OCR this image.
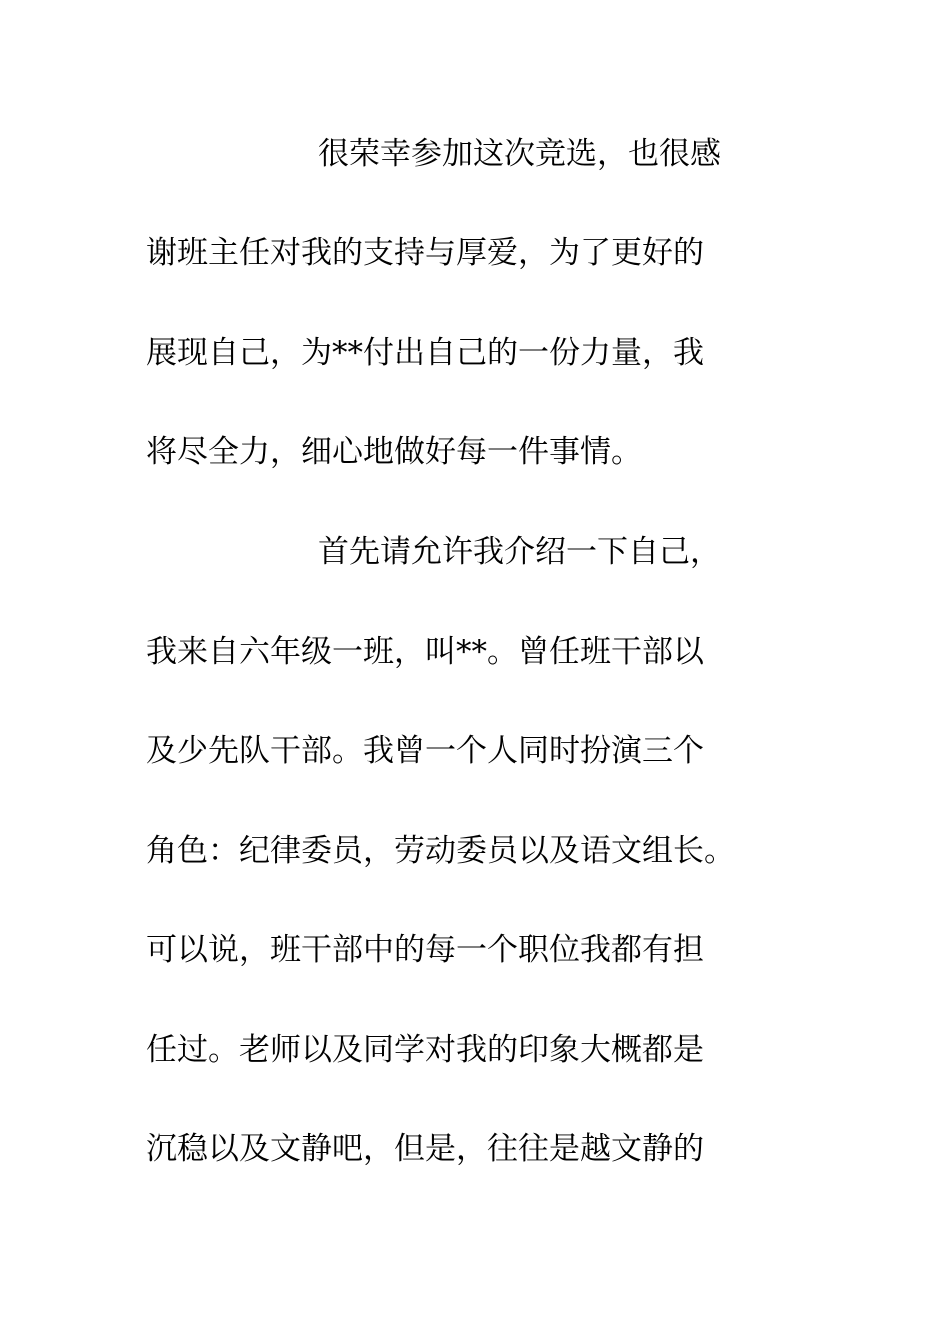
很荣幸参加这次竞选，也很感
谢班主任对我的支持与厚爱，为了更好的
展现自己，为**付出自己的一份力量，我
将尽全力，细心地做好每一件事情。
首先请允许我介绍一下自己，
我来自六年级一班，叫**。曾任班干部以
及少先队干部。我曾一个人同时扮演三个
角色：纪律委员，劳动委员以及语文组长。
可以说，班干部中的每一个职位我都有担
任过。老师以及同学对我的印象大概都是
沉稳以及文静吧，但是，往往是越文静的
